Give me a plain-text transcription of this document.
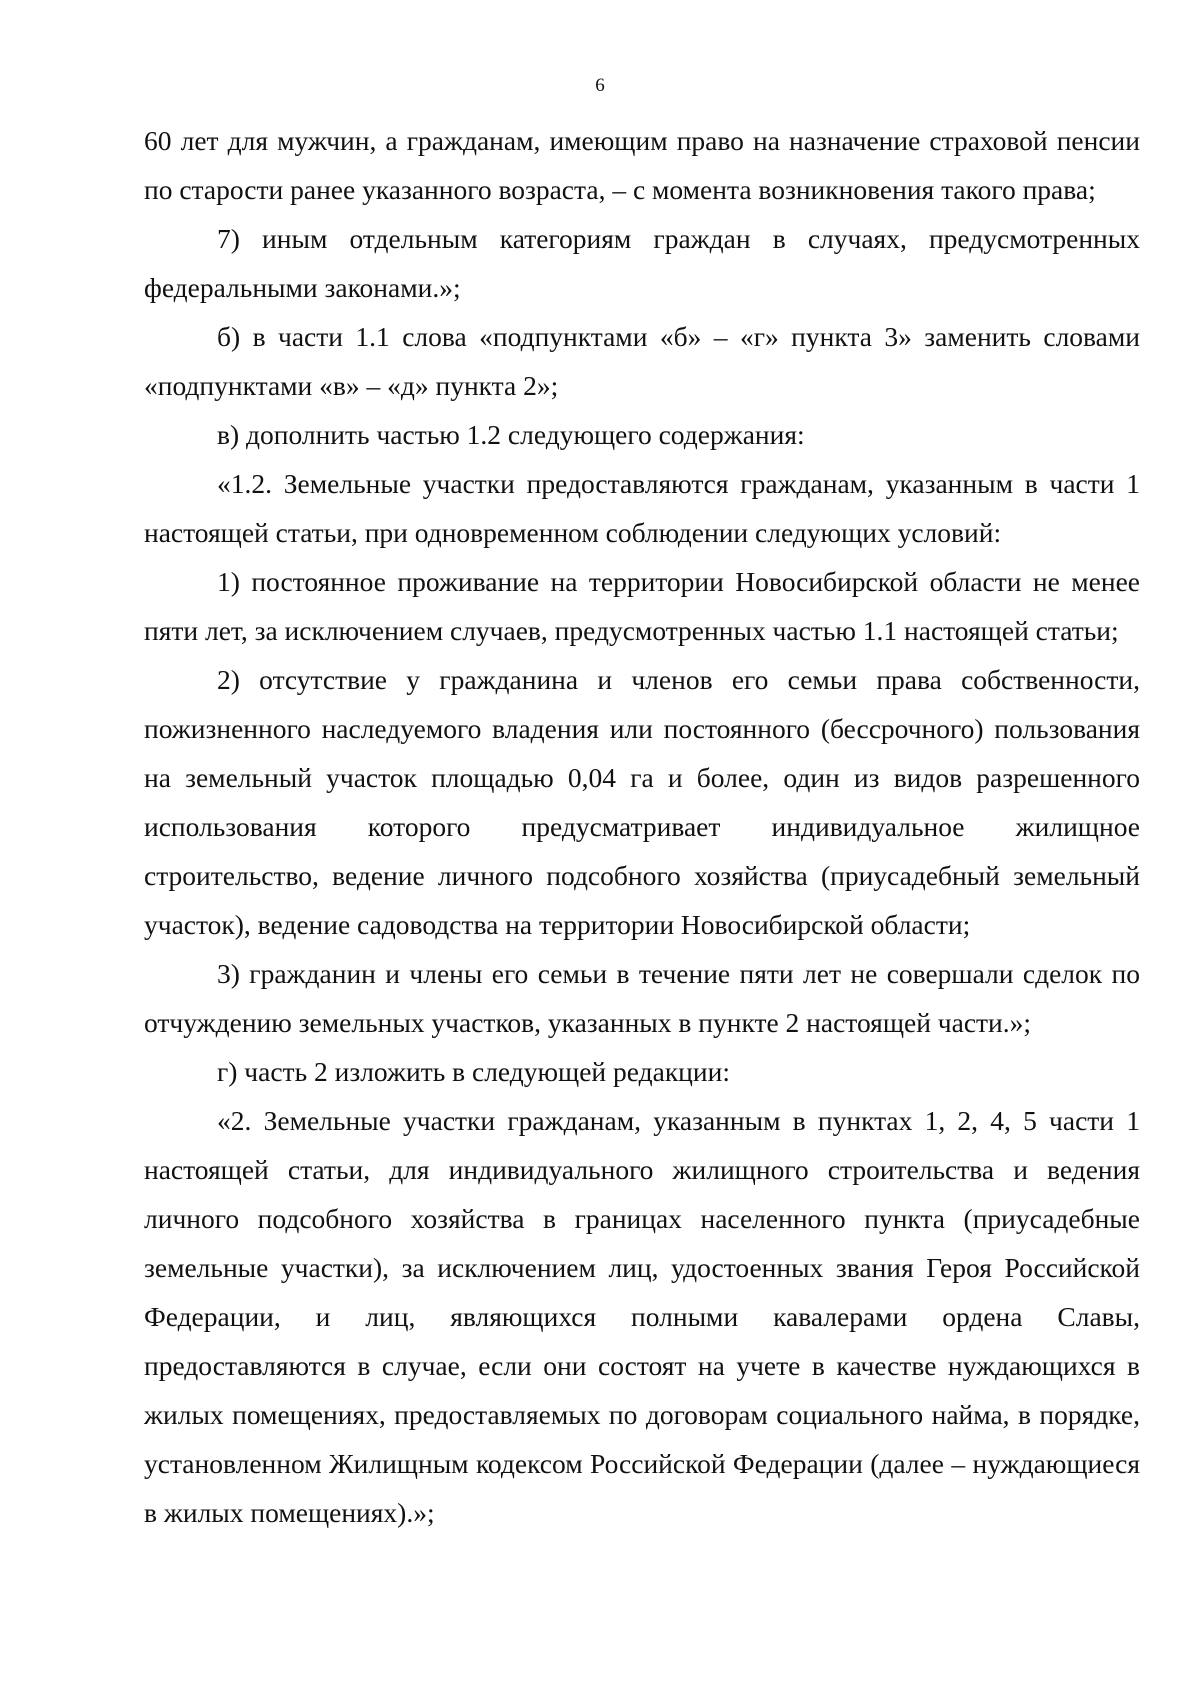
6

60 лет для мужчин, а гражданам, имеющим право на назначение страховой пенсии по старости ранее указанного возраста, – с момента возникновения такого права;

7) иным отдельным категориям граждан в случаях, предусмотренных федеральными законами.»;

б) в части 1.1 слова «подпунктами «б» – «г» пункта 3» заменить словами «подпунктами «в» – «д» пункта 2»;

в) дополнить частью 1.2 следующего содержания:

«1.2. Земельные участки предоставляются гражданам, указанным в части 1 настоящей статьи, при одновременном соблюдении следующих условий:

1) постоянное проживание на территории Новосибирской области не менее пяти лет, за исключением случаев, предусмотренных частью 1.1 настоящей статьи;

2) отсутствие у гражданина и членов его семьи права собственности, пожизненного наследуемого владения или постоянного (бессрочного) пользования на земельный участок площадью 0,04 га и более, один из видов разрешенного использования которого предусматривает индивидуальное жилищное строительство, ведение личного подсобного хозяйства (приусадебный земельный участок), ведение садоводства на территории Новосибирской области;

3) гражданин и члены его семьи в течение пяти лет не совершали сделок по отчуждению земельных участков, указанных в пункте 2 настоящей части.»;

г) часть 2 изложить в следующей редакции:

«2. Земельные участки гражданам, указанным в пунктах 1, 2, 4, 5 части 1 настоящей статьи, для индивидуального жилищного строительства и ведения личного подсобного хозяйства в границах населенного пункта (приусадебные земельные участки), за исключением лиц, удостоенных звания Героя Российской Федерации, и лиц, являющихся полными кавалерами ордена Славы, предоставляются в случае, если они состоят на учете в качестве нуждающихся в жилых помещениях, предоставляемых по договорам социального найма, в порядке, установленном Жилищным кодексом Российской Федерации (далее – нуждающиеся в жилых помещениях).»;
